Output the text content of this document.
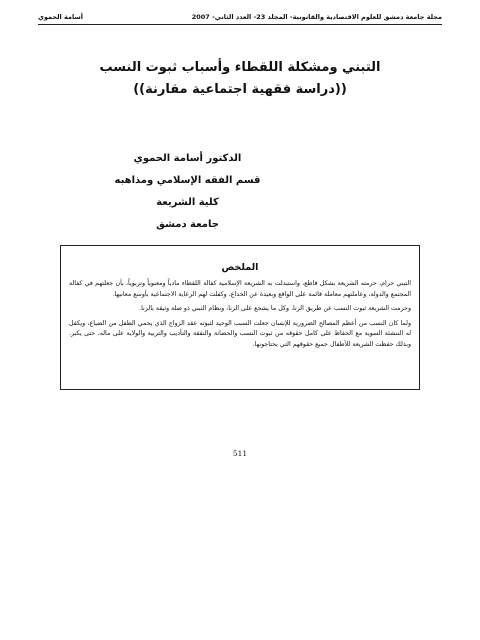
أسامة الحموي	مجلة جامعة دمشق للعلوم الاقتصادية والقانونية- المجلد 23- العدد الثاني- 2007
التبني ومشكلة اللقطاء وأسباب ثبوت النسب
((دراسة فقهية اجتماعية مقارنة))
الدكتور أسامة الحموي
قسم الفقه الإسلامي ومذاهبه
كلية الشريعة
جامعة دمشق
الملخص

التبني حرام، حرمته الشريعة بشكل قاطع، واستبدلت به الشريعة الإسلامية كفالة اللقطاء مادياً ومعنوياً وتربوياً، بأن جعلتهم في كفالة المجتمع والدولة، وعاملتهم معاملة قائمة على الواقع وبعيدة عن الخداع، وكفلت لهم الرعاية الاجتماعية بأوسع معانيها.

وحرمت الشريعة ثبوت النسب عن طريق الزنا، وكل ما يشجع على الزنا، ونظام التبني ذو صلة وثيقة بالزنا.

ولما كان النسب من أعظم المصالح الضرورية للإنسان جعلت السبب الوحيد لثبوته عقد الزواج الذي يحمي الطفل من الضياع، ويكفل له التنشئة السوية مع الحفاظ على كامل حقوقه من ثبوت النسب والحضانة والنفقة والتأديب والتربية والولاية على ماله، حتى يكبر. وبذلك حفظت الشريعة للأطفال جميع حقوقهم التي يحتاجونها.

511
